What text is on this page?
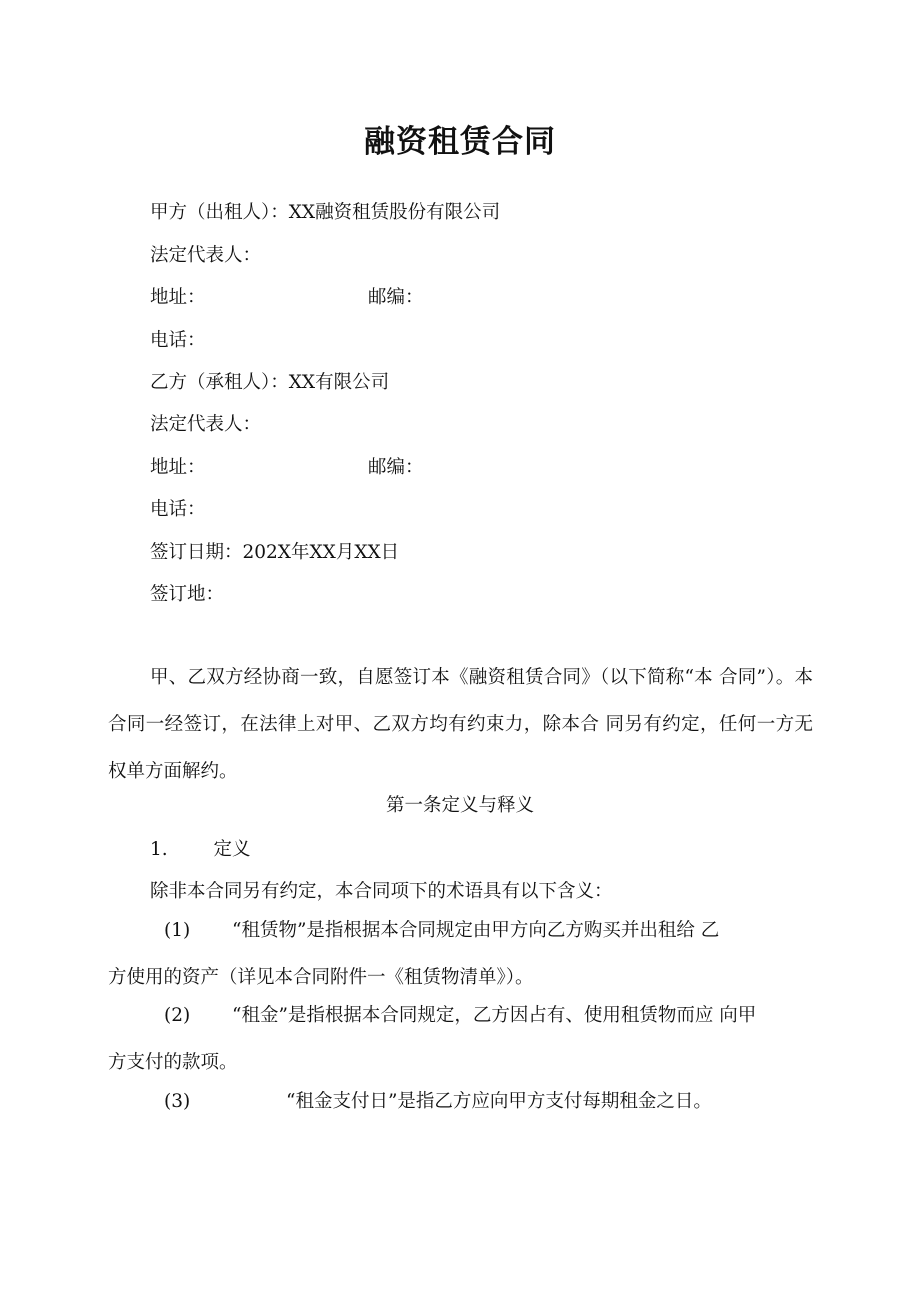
融资租赁合同
甲方（出租人）：XX融资租赁股份有限公司
法定代表人：
地址：	邮编：
电话：
乙方（承租人）：XX有限公司
法定代表人：
地址：	邮编：
电话：
签订日期：202X年XX月XX日
签订地：
甲、乙双方经协商一致，自愿签订本《融资租赁合同》（以下简称“本 合同”）。本合同一经签订，在法律上对甲、乙双方均有约束力，除本合 同另有约定，任何一方无权单方面解约。
第一条定义与释义
1. 定义
除非本合同另有约定，本合同项下的术语具有以下含义：
(1) “租赁物”是指根据本合同规定由甲方向乙方购买并出租给 乙
方使用的资产（详见本合同附件一《租赁物清单》）。
(2) “租金”是指根据本合同规定，乙方因占有、使用租赁物而应 向甲
方支付的款项。
(3)	“租金支付日”是指乙方应向甲方支付每期租金之日。
